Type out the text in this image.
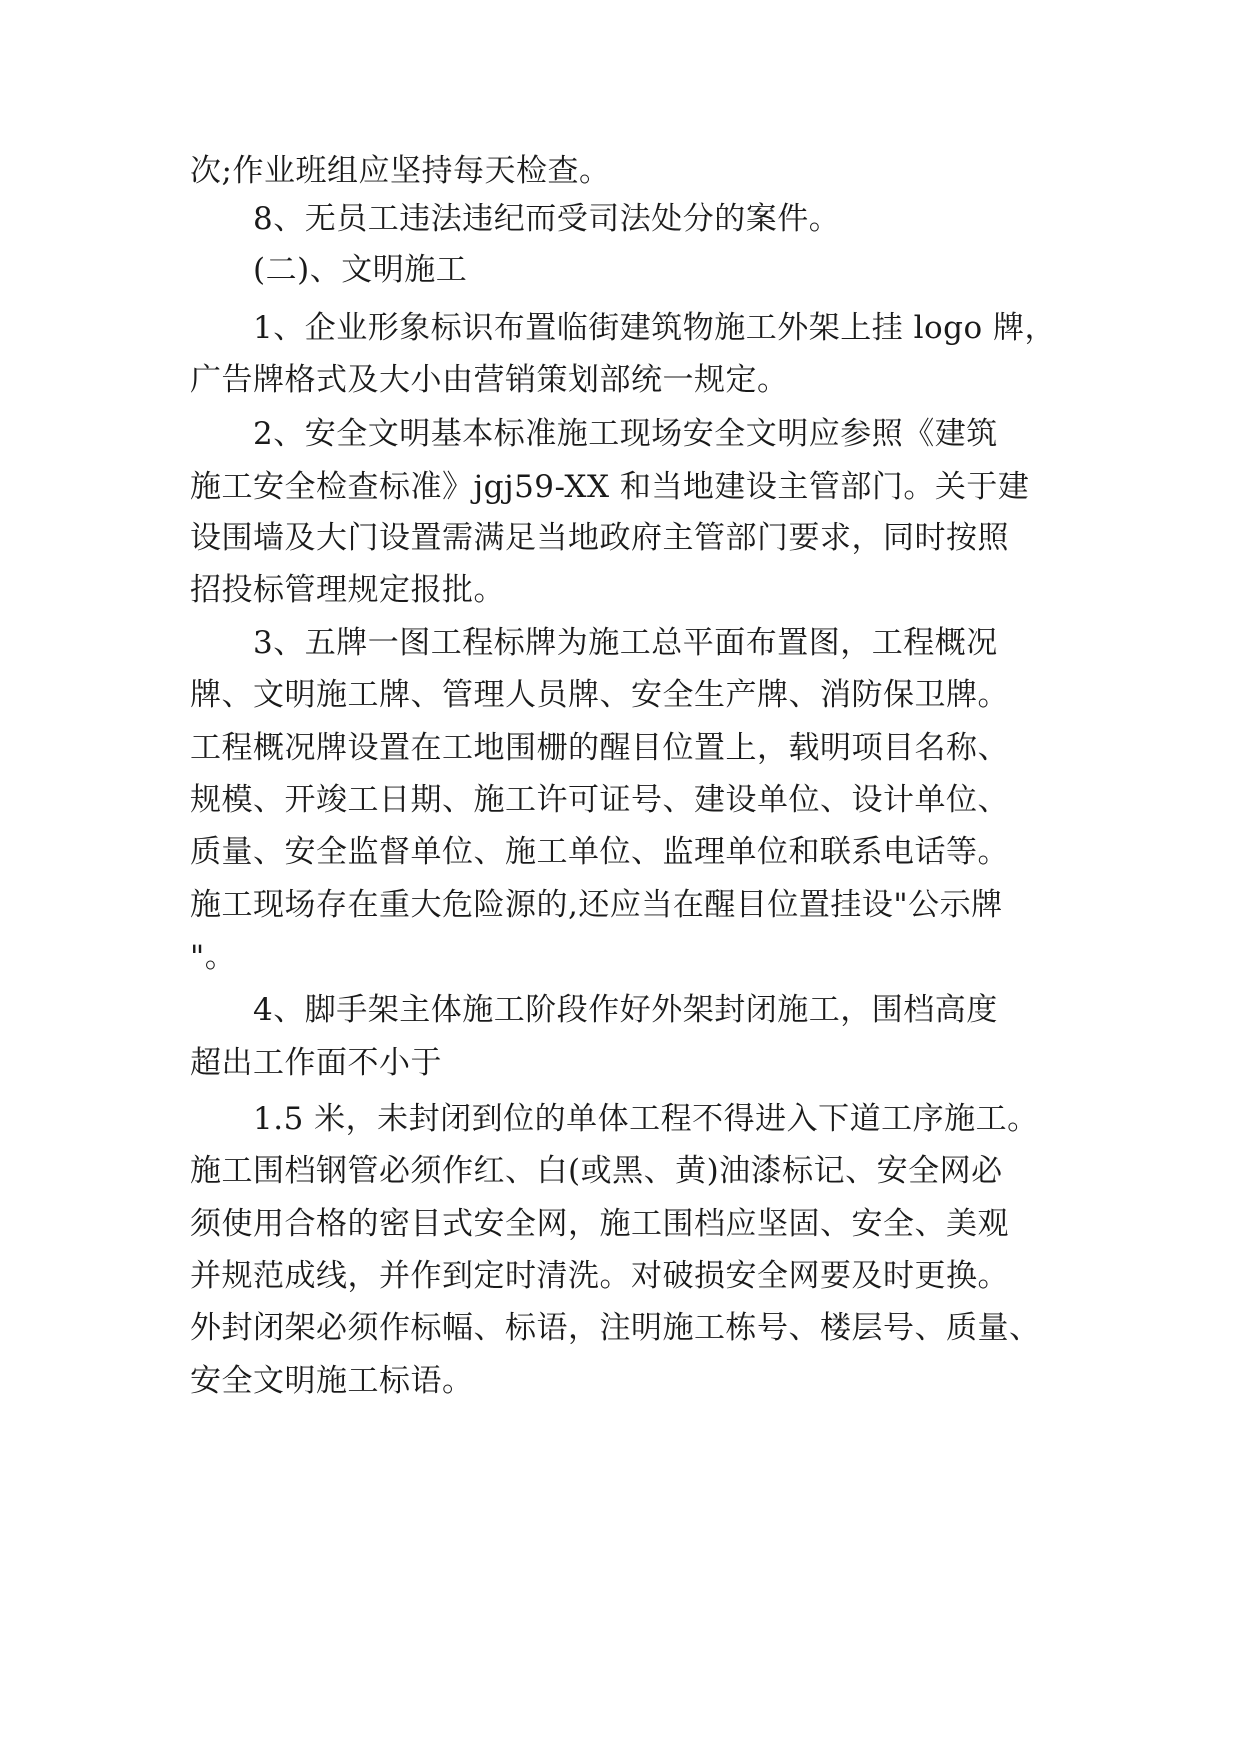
次;作业班组应坚持每天检查。
8、无员工违法违纪而受司法处分的案件。
(二)、文明施工
1、企业形象标识布置临街建筑物施工外架上挂 logo 牌，
广告牌格式及大小由营销策划部统一规定。
2、安全文明基本标准施工现场安全文明应参照《建筑
施工安全检查标准》jgj59-XX 和当地建设主管部门。关于建
设围墙及大门设置需满足当地政府主管部门要求，同时按照
招投标管理规定报批。
3、五牌一图工程标牌为施工总平面布置图，工程概况
牌、文明施工牌、管理人员牌、安全生产牌、消防保卫牌。
工程概况牌设置在工地围栅的醒目位置上，载明项目名称、
规模、开竣工日期、施工许可证号、建设单位、设计单位、
质量、安全监督单位、施工单位、监理单位和联系电话等。
施工现场存在重大危险源的,还应当在醒目位置挂设"公示牌
"。
4、脚手架主体施工阶段作好外架封闭施工，围档高度
超出工作面不小于
1.5 米，未封闭到位的单体工程不得进入下道工序施工。
施工围档钢管必须作红、白(或黑、黄)油漆标记、安全网必
须使用合格的密目式安全网，施工围档应坚固、安全、美观
并规范成线，并作到定时清洗。对破损安全网要及时更换。
外封闭架必须作标幅、标语，注明施工栋号、楼层号、质量、
安全文明施工标语。
